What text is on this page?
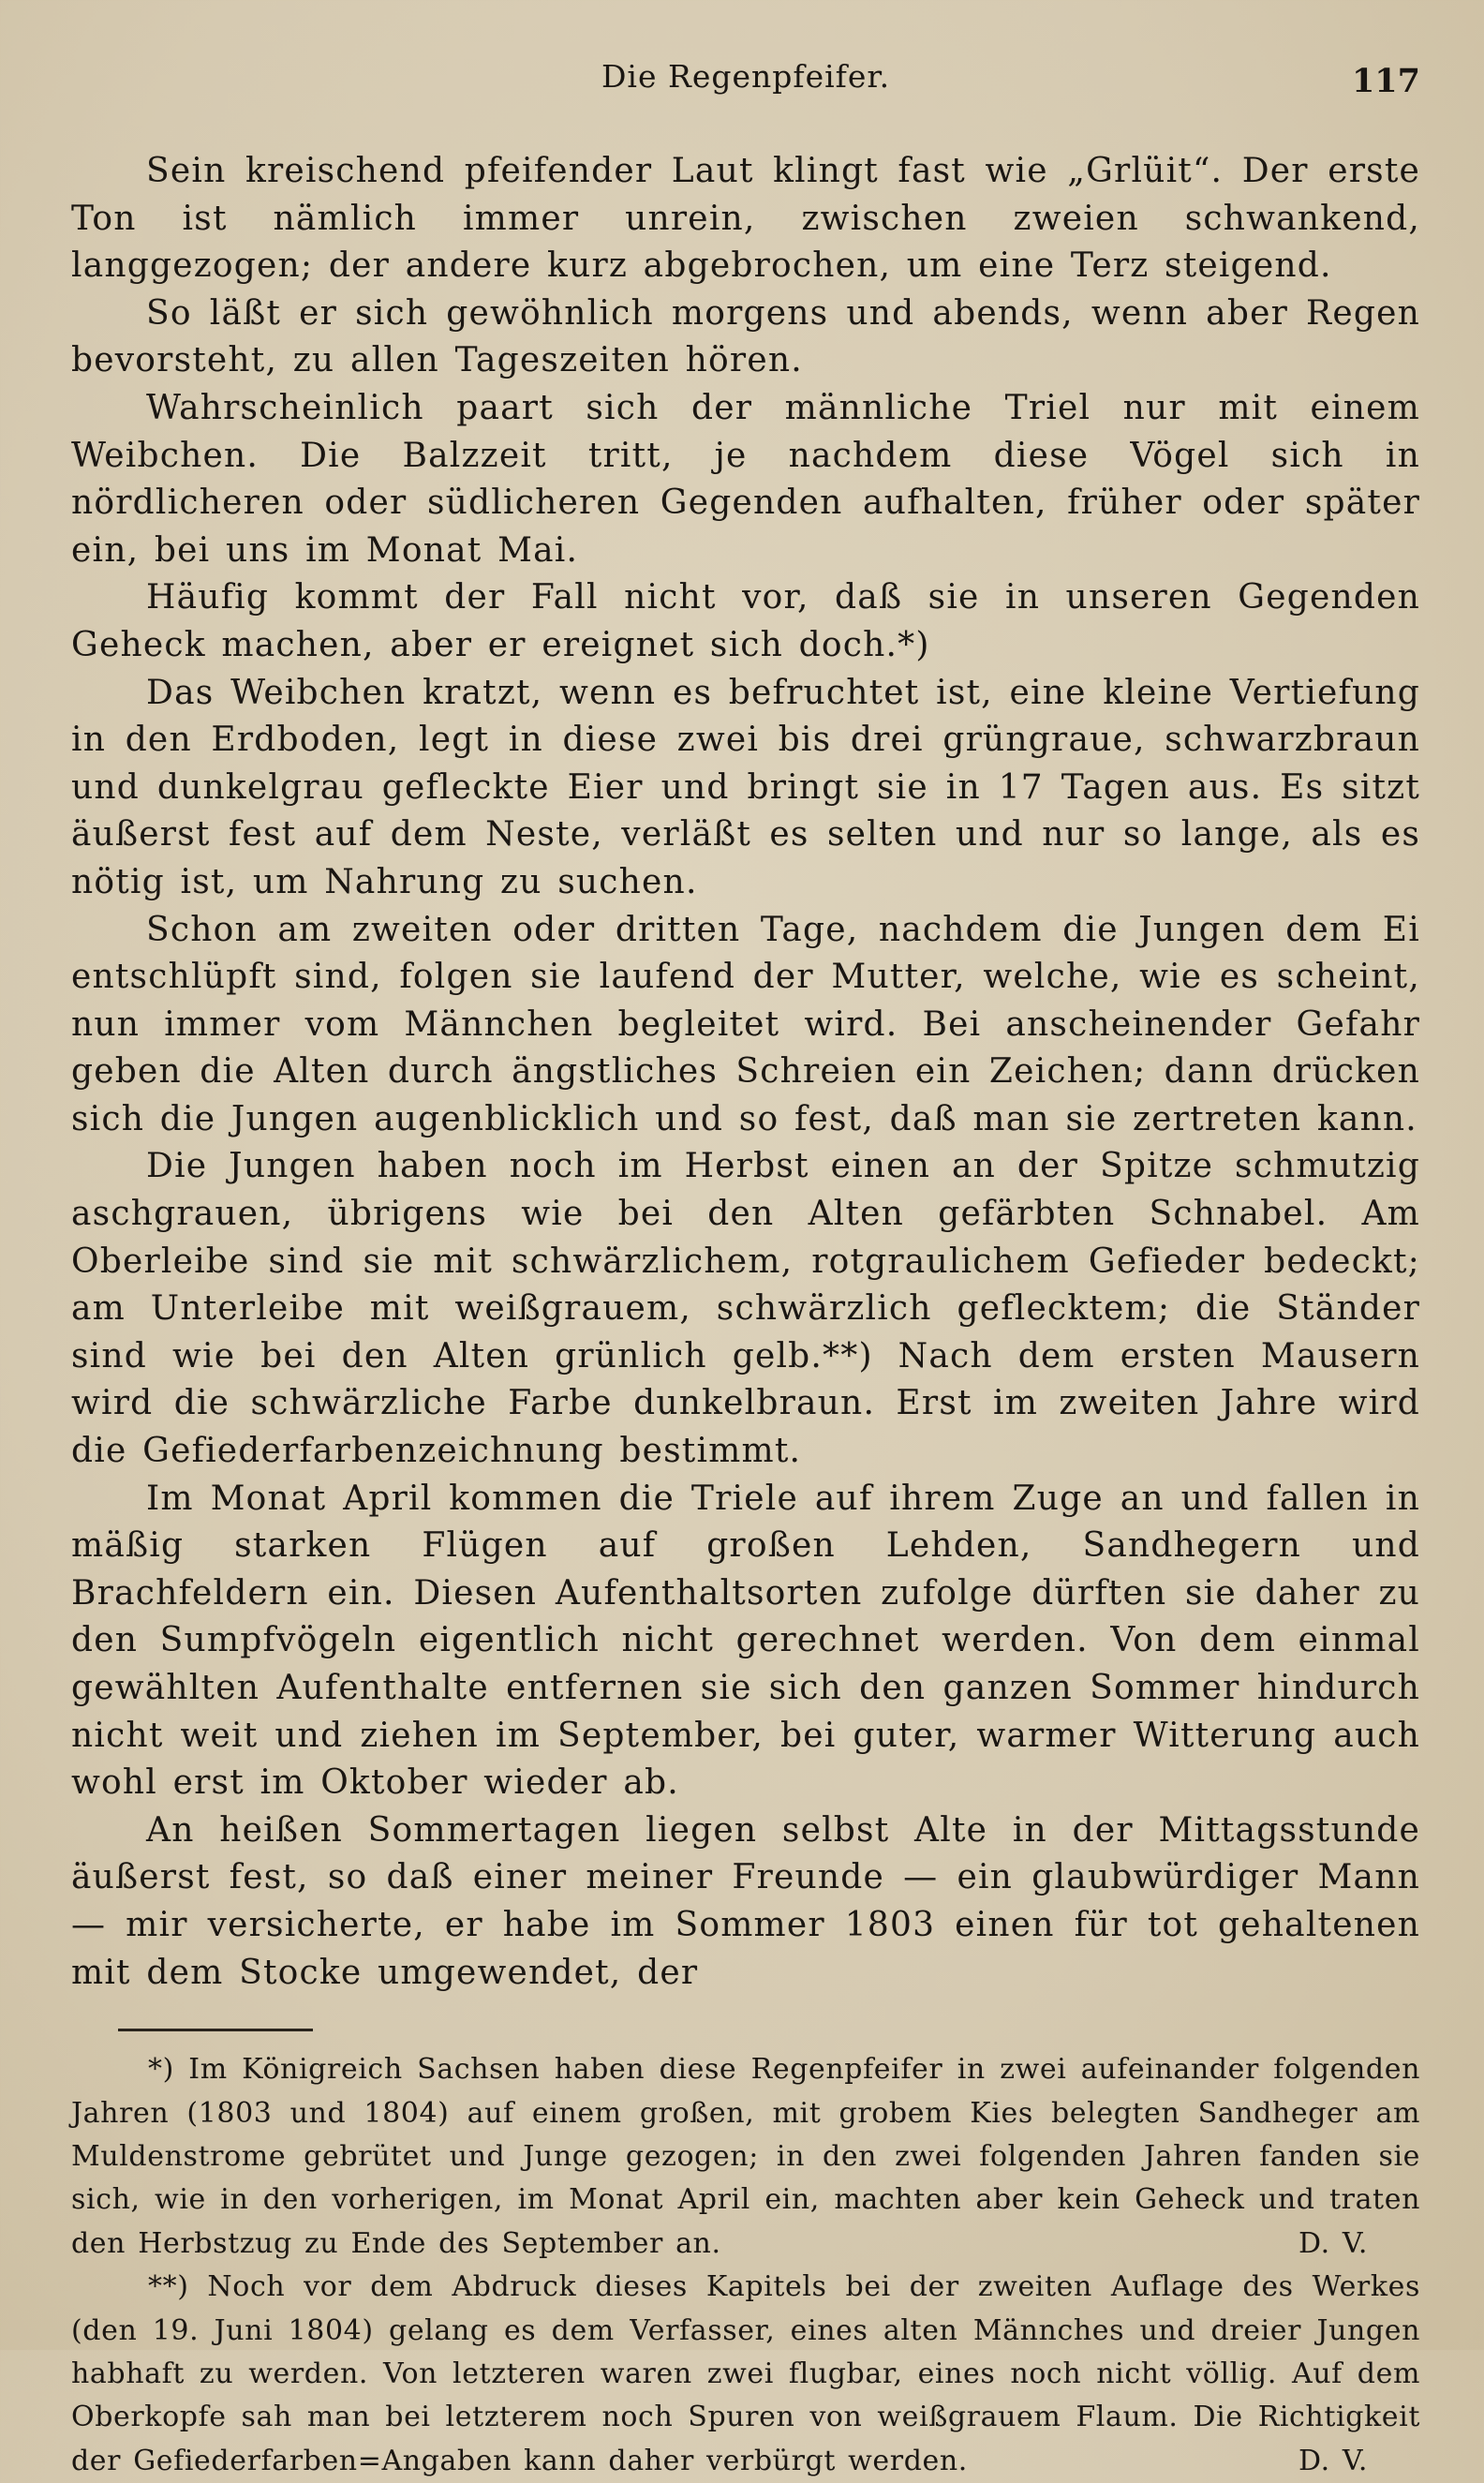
Die Regenpfeifer.	117

Sein kreischend pfeifender Laut klingt fast wie „Grlüit“. Der erste Ton ist nämlich immer unrein, zwischen zweien schwankend, langgezogen; der andere kurz abgebrochen, um eine Terz steigend.

So läßt er sich gewöhnlich morgens und abends, wenn aber Regen bevorsteht, zu allen Tageszeiten hören.

Wahrscheinlich paart sich der männliche Triel nur mit einem Weibchen. Die Balzzeit tritt, je nachdem diese Vögel sich in nördlicheren oder südlicheren Gegenden aufhalten, früher oder später ein, bei uns im Monat Mai.

Häufig kommt der Fall nicht vor, daß sie in unseren Gegenden Geheck machen, aber er ereignet sich doch.*)

Das Weibchen kratzt, wenn es befruchtet ist, eine kleine Vertiefung in den Erdboden, legt in diese zwei bis drei grüngraue, schwarzbraun und dunkelgrau gefleckte Eier und bringt sie in 17 Tagen aus. Es sitzt äußerst fest auf dem Neste, verläßt es selten und nur so lange, als es nötig ist, um Nahrung zu suchen.

Schon am zweiten oder dritten Tage, nachdem die Jungen dem Ei entschlüpft sind, folgen sie laufend der Mutter, welche, wie es scheint, nun immer vom Männchen begleitet wird. Bei anscheinender Gefahr geben die Alten durch ängstliches Schreien ein Zeichen; dann drücken sich die Jungen augenblicklich und so fest, daß man sie zertreten kann.

Die Jungen haben noch im Herbst einen an der Spitze schmutzig aschgrauen, übrigens wie bei den Alten gefärbten Schnabel. Am Oberleibe sind sie mit schwärzlichem, rotgraulichem Gefieder bedeckt; am Unterleibe mit weißgrauem, schwärzlich geflecktem; die Ständer sind wie bei den Alten grünlich gelb.**) Nach dem ersten Mausern wird die schwärzliche Farbe dunkelbraun. Erst im zweiten Jahre wird die Gefiederfarbenzeichnung bestimmt.

Im Monat April kommen die Triele auf ihrem Zuge an und fallen in mäßig starken Flügen auf großen Lehden, Sandhegern und Brachfeldern ein. Diesen Aufenthaltsorten zufolge dürften sie daher zu den Sumpfvögeln eigentlich nicht gerechnet werden. Von dem einmal gewählten Aufenthalte entfernen sie sich den ganzen Sommer hindurch nicht weit und ziehen im September, bei guter, warmer Witterung auch wohl erst im Oktober wieder ab.

An heißen Sommertagen liegen selbst Alte in der Mittagsstunde äußerst fest, so daß einer meiner Freunde — ein glaubwürdiger Mann — mir versicherte, er habe im Sommer 1803 einen für tot gehaltenen mit dem Stocke umgewendet, der

*) Im Königreich Sachsen haben diese Regenpfeifer in zwei aufeinander folgenden Jahren (1803 und 1804) auf einem großen, mit grobem Kies belegten Sandheger am Muldenstrome gebrütet und Junge gezogen; in den zwei folgenden Jahren fanden sie sich, wie in den vorherigen, im Monat April ein, machten aber kein Geheck und traten den Herbstzug zu Ende des September an.	D. V.

**) Noch vor dem Abdruck dieses Kapitels bei der zweiten Auflage des Werkes (den 19. Juni 1804) gelang es dem Verfasser, eines alten Männches und dreier Jungen habhaft zu werden. Von letzteren waren zwei flugbar, eines noch nicht völlig. Auf dem Oberkopfe sah man bei letzterem noch Spuren von weißgrauem Flaum. Die Richtigkeit der Gefiederfarben=Angaben kann daher verbürgt werden.	D. V.
